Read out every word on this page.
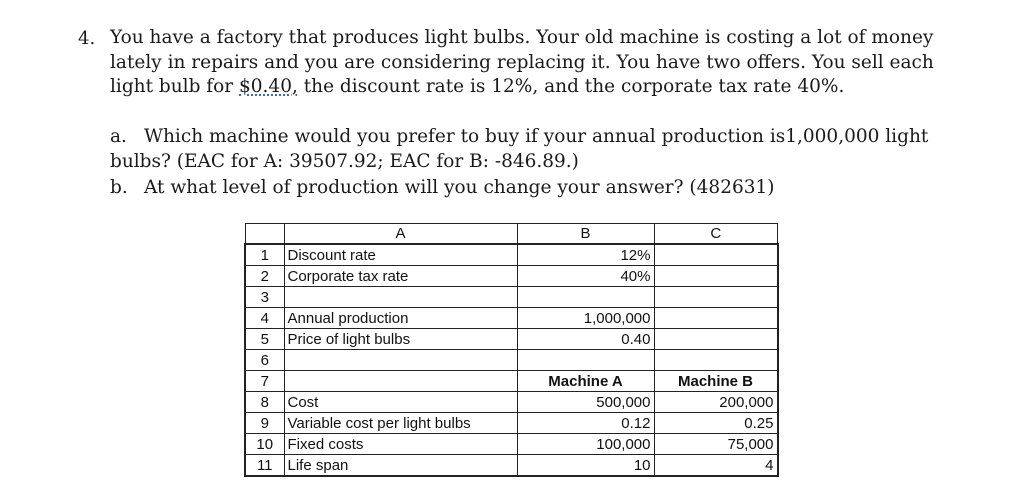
4. You have a factory that produces light bulbs. Your old machine is costing a lot of money lately in repairs and you are considering replacing it. You have two offers. You sell each light bulb for $0.40, the discount rate is 12%, and the corporate tax rate 40%.
a. Which machine would you prefer to buy if your annual production is1,000,000 light bulbs? (EAC for A: 39507.92; EAC for B: -846.89.)
b. At what level of production will you change your answer? (482631)
	A	B	C
1	Discount rate	12%	
2	Corporate tax rate	40%	
3			
4	Annual production	1,000,000	
5	Price of light bulbs	0.40	
6			
7		Machine A	Machine B
8	Cost	500,000	200,000
9	Variable cost per light bulbs	0.12	0.25
10	Fixed costs	100,000	75,000
11	Life span	10	4
